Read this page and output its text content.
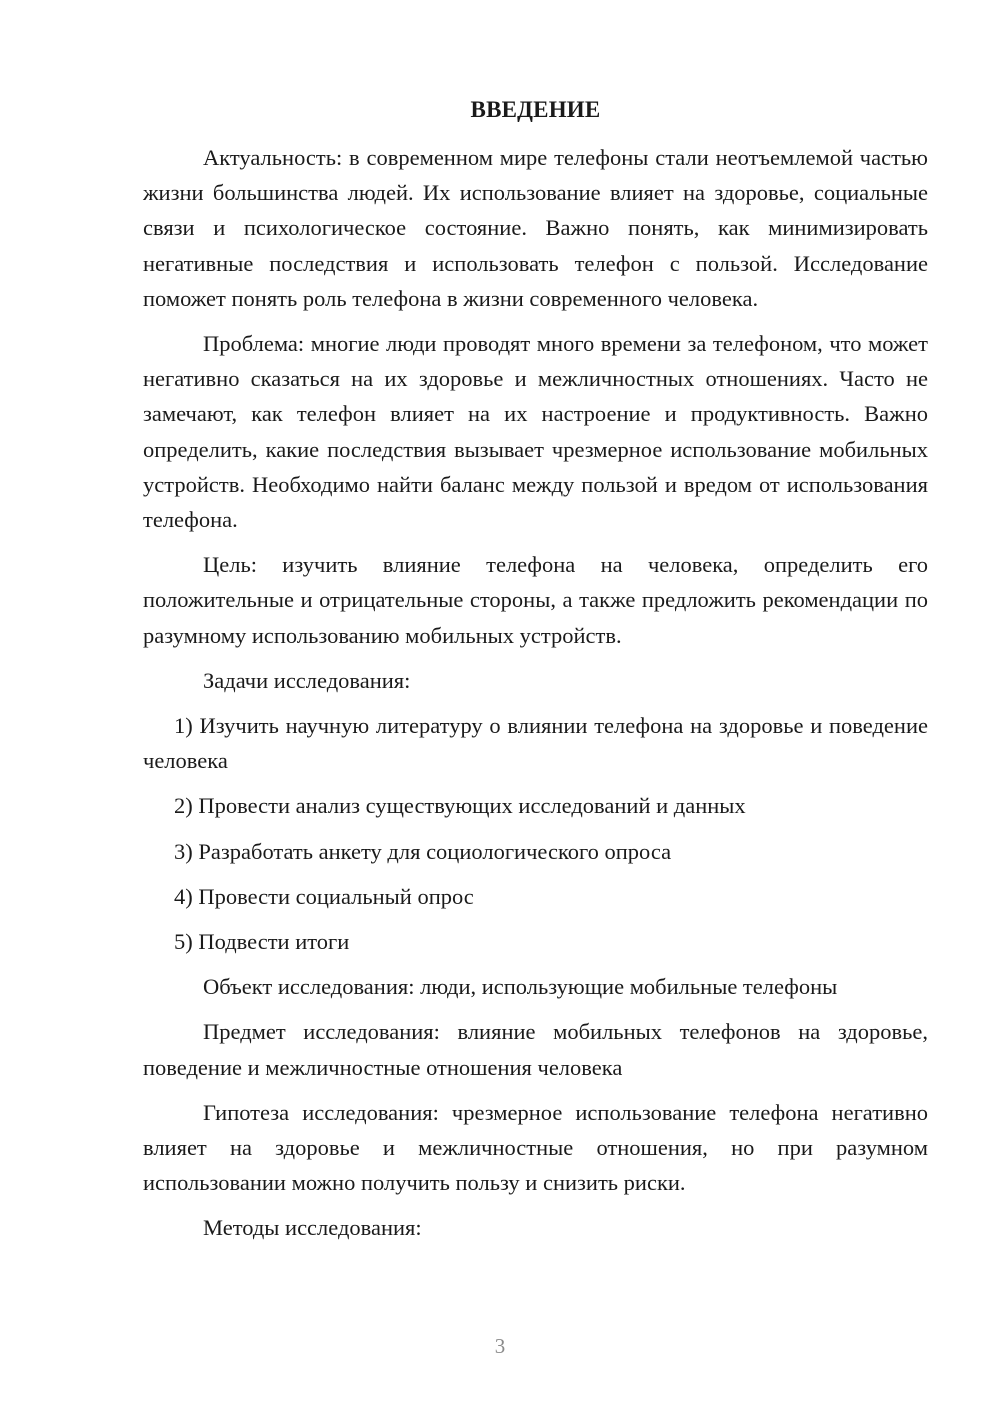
ВВЕДЕНИЕ

Актуальность: в современном мире телефоны стали неотъемлемой частью жизни большинства людей. Их использование влияет на здоровье, социальные связи и психологическое состояние. Важно понять, как минимизировать негативные последствия и использовать телефон с пользой. Исследование поможет понять роль телефона в жизни современного человека.

Проблема: многие люди проводят много времени за телефоном, что может негативно сказаться на их здоровье и межличностных отношениях. Часто не замечают, как телефон влияет на их настроение и продуктивность. Важно определить, какие последствия вызывает чрезмерное использование мобильных устройств. Необходимо найти баланс между пользой и вредом от использования телефона.

Цель: изучить влияние телефона на человека, определить его положительные и отрицательные стороны, а также предложить рекомендации по разумному использованию мобильных устройств.

Задачи исследования:

1) Изучить научную литературу о влиянии телефона на здоровье и поведение человека

2) Провести анализ существующих исследований и данных

3) Разработать анкету для социологического опроса

4) Провести социальный опрос

5) Подвести итоги

Объект исследования: люди, использующие мобильные телефоны

Предмет исследования: влияние мобильных телефонов на здоровье, поведение и межличностные отношения человека

Гипотеза исследования: чрезмерное использование телефона негативно влияет на здоровье и межличностные отношения, но при разумном использовании можно получить пользу и снизить риски.

Методы исследования:

3
